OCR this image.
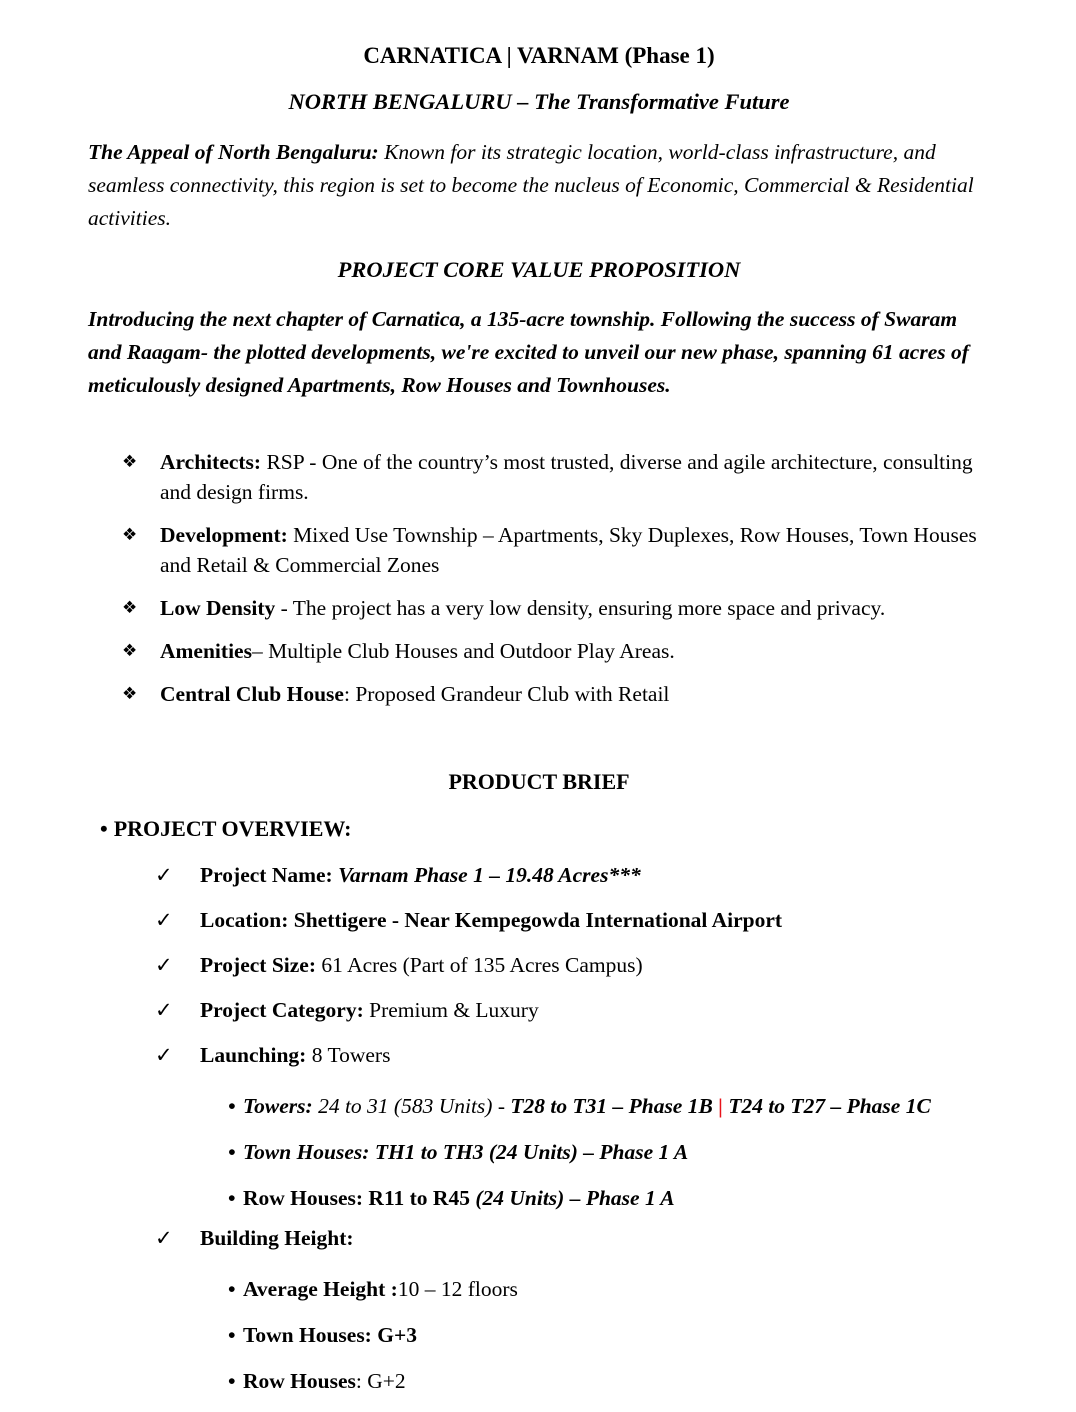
CARNATICA | VARNAM (Phase 1)
NORTH BENGALURU – The Transformative Future

The Appeal of North Bengaluru: Known for its strategic location, world-class infrastructure, and seamless connectivity, this region is set to become the nucleus of Economic, Commercial & Residential activities.

PROJECT CORE VALUE PROPOSITION

Introducing the next chapter of Carnatica, a 135-acre township. Following the success of Swaram and Raagam- the plotted developments, we're excited to unveil our new phase, spanning 61 acres of meticulously designed Apartments, Row Houses and Townhouses.

❖	Architects: RSP - One of the country’s most trusted, diverse and agile architecture, consulting and design firms.
❖	Development: Mixed Use Township – Apartments, Sky Duplexes, Row Houses, Town Houses and Retail & Commercial Zones
❖	Low Density - The project has a very low density, ensuring more space and privacy.
❖	Amenities– Multiple Club Houses and Outdoor Play Areas.
❖	Central Club House: Proposed Grandeur Club with Retail
PRODUCT BRIEF
• PROJECT OVERVIEW:
✓	Project Name: Varnam Phase 1 – 19.48 Acres***
✓	Location: Shettigere - Near Kempegowda International Airport
✓	Project Size: 61 Acres (Part of 135 Acres Campus)
✓	Project Category: Premium & Luxury
✓	Launching: 8 Towers
• Towers: 24 to 31 (583 Units) - T28 to T31 – Phase 1B | T24 to T27 – Phase 1C
• Town Houses: TH1 to TH3 (24 Units) – Phase 1 A
• Row Houses: R11 to R45 (24 Units) – Phase 1 A
✓	Building Height:
• Average Height :10 – 12 floors
• Town Houses: G+3
• Row Houses: G+2
